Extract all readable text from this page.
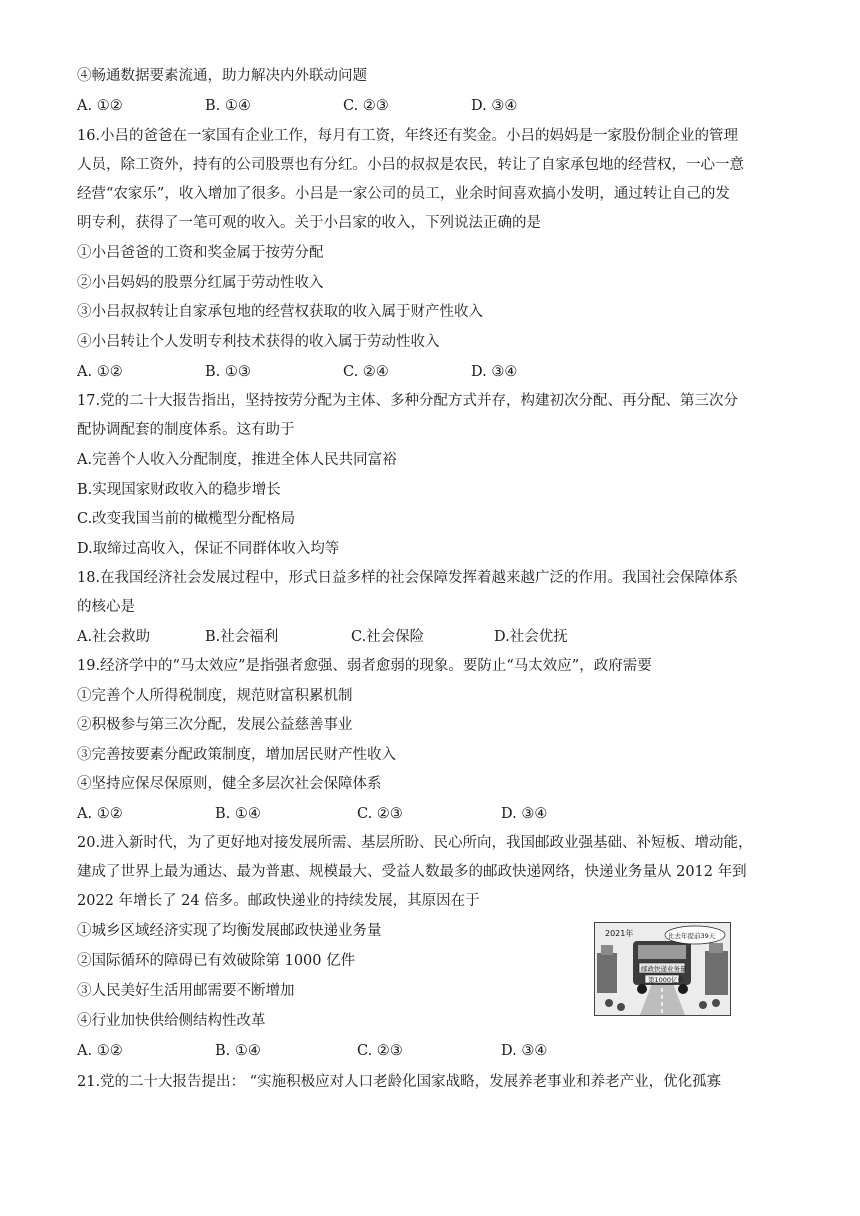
④畅通数据要素流通，助力解决内外联动问题
A. ①②	B. ①④	C. ②③	D. ③④
16.小吕的爸爸在一家国有企业工作，每月有工资，年终还有奖金。小吕的妈妈是一家股份制企业的管理
人员，除工资外，持有的公司股票也有分红。小吕的叔叔是农民，转让了自家承包地的经营权，一心一意
经营“农家乐”，收入增加了很多。小吕是一家公司的员工，业余时间喜欢搞小发明，通过转让自己的发
明专利，获得了一笔可观的收入。关于小吕家的收入，下列说法正确的是
①小吕爸爸的工资和奖金属于按劳分配
②小吕妈妈的股票分红属于劳动性收入
③小吕叔叔转让自家承包地的经营权获取的收入属于财产性收入
④小吕转让个人发明专利技术获得的收入属于劳动性收入
A. ①②	B. ①③	C. ②④	D. ③④
17.党的二十大报告指出，坚持按劳分配为主体、多种分配方式并存，构建初次分配、再分配、第三次分
配协调配套的制度体系。这有助于
A.完善个人收入分配制度，推进全体人民共同富裕
B.实现国家财政收入的稳步增长
C.改变我国当前的橄榄型分配格局
D.取缔过高收入，保证不同群体收入均等
18.在我国经济社会发展过程中，形式日益多样的社会保障发挥着越来越广泛的作用。我国社会保障体系
的核心是
A.社会救助	B.社会福利	C.社会保险	D.社会优抚
19.经济学中的“马太效应”是指强者愈强、弱者愈弱的现象。要防止“马太效应”，政府需要
①完善个人所得税制度，规范财富积累机制
②积极参与第三次分配，发展公益慈善事业
③完善按要素分配政策制度，增加居民财产性收入
④坚持应保尽保原则，健全多层次社会保障体系
A. ①②	B. ①④	C. ②③	D. ③④
20.进入新时代，为了更好地对接发展所需、基层所盼、民心所向，我国邮政业强基础、补短板、增动能，
建成了世界上最为通达、最为普惠、规模最大、受益人数最多的邮政快递网络，快递业务量从 2012 年到
2022 年增长了 24 倍多。邮政快递业的持续发展，其原因在于
①城乡区域经济实现了均衡发展邮政快递业务量
②国际循环的障碍已有效破除第 1000 亿件
③人民美好生活用邮需要不断增加
④行业加快供给侧结构性改革
A. ①②	B. ①④	C. ②③	D. ③④
2021年	比去年提前39天
邮政快递业务量
第1000亿件
21.党的二十大报告提出： “实施积极应对人口老龄化国家战略，发展养老事业和养老产业，优化孤寡
